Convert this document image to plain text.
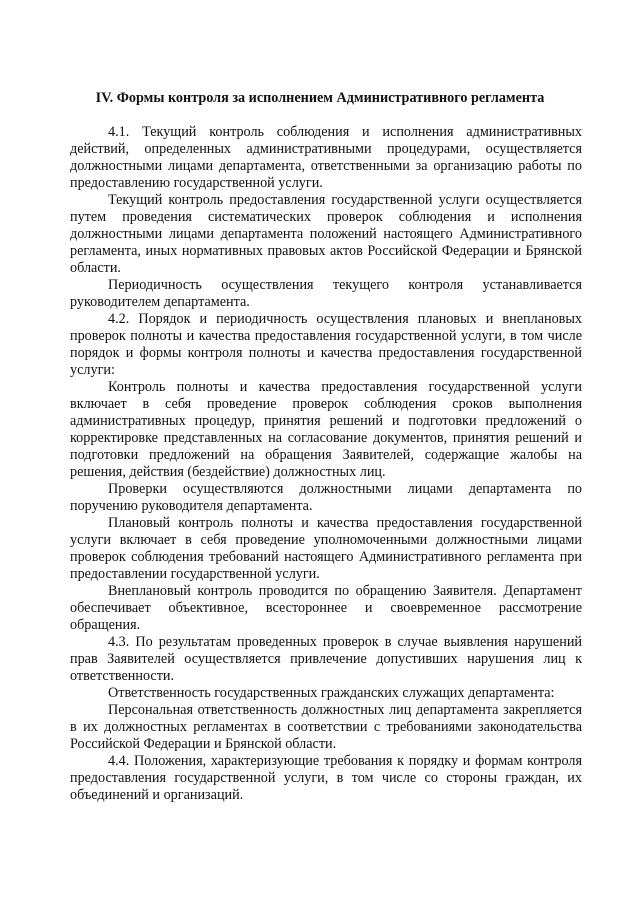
IV. Формы контроля за исполнением Административного регламента

4.1. Текущий контроль соблюдения и исполнения административных действий, определенных административными процедурами, осуществляется должностными лицами департамента, ответственными за организацию работы по предоставлению государственной услуги.

Текущий контроль предоставления государственной услуги осуществляется путем проведения систематических проверок соблюдения и исполнения должностными лицами департамента положений настоящего Административного регламента, иных нормативных правовых актов Российской Федерации и Брянской области.

Периодичность осуществления текущего контроля устанавливается руководителем департамента.

4.2. Порядок и периодичность осуществления плановых и внеплановых проверок полноты и качества предоставления государственной услуги, в том числе порядок и формы контроля полноты и качества предоставления государственной услуги:

Контроль полноты и качества предоставления государственной услуги включает в себя проведение проверок соблюдения сроков выполнения административных процедур, принятия решений и подготовки предложений о корректировке представленных на согласование документов, принятия решений и подготовки предложений на обращения Заявителей, содержащие жалобы на решения, действия (бездействие) должностных лиц.

Проверки осуществляются должностными лицами департамента по поручению руководителя департамента.

Плановый контроль полноты и качества предоставления государственной услуги включает в себя проведение уполномоченными должностными лицами проверок соблюдения требований настоящего Административного регламента при предоставлении государственной услуги.

Внеплановый контроль проводится по обращению Заявителя. Департамент обеспечивает объективное, всестороннее и своевременное рассмотрение обращения.

4.3. По результатам проведенных проверок в случае выявления нарушений прав Заявителей осуществляется привлечение допустивших нарушения лиц к ответственности.

Ответственность государственных гражданских служащих департамента:

Персональная ответственность должностных лиц департамента закрепляется в их должностных регламентах в соответствии с требованиями законодательства Российской Федерации и Брянской области.

4.4. Положения, характеризующие требования к порядку и формам контроля предоставления государственной услуги, в том числе со стороны граждан, их объединений и организаций.
